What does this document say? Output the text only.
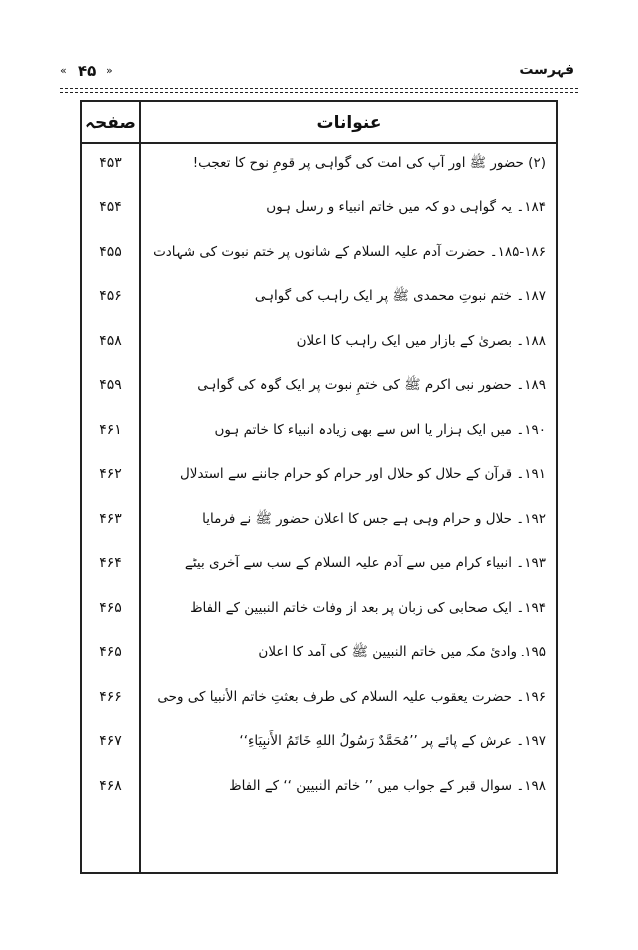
« ۴۵ »	فہرست
صفحہ	عنوانات
۴۵۳	(۲) حضور ﷺ اور آپ کی امت کی گواہی پر قومِ نوح کا تعجب!
۴۵۴	۱۸۴۔ یہ گواہی دو کہ میں خاتم انبیاء و رسل ہوں
۴۵۵	۱۸۵-۱۸۶۔ حضرت آدم علیہ السلام کے شانوں پر ختم نبوت کی شہادت
۴۵۶	۱۸۷۔ ختم نبوتِ محمدی ﷺ پر ایک راہب کی گواہی
۴۵۸	۱۸۸۔ بصریٰ کے بازار میں ایک راہب کا اعلان
۴۵۹	۱۸۹۔ حضور نبی اکرم ﷺ کی ختمِ نبوت پر ایک گوہ کی گواہی
۴۶۱	۱۹۰۔ میں ایک ہزار یا اس سے بھی زیادہ انبیاء کا خاتم ہوں
۴۶۲	۱۹۱۔ قرآن کے حلال کو حلال اور حرام کو حرام جاننے سے استدلال
۴۶۳	۱۹۲۔ حلال و حرام وہی ہے جس کا اعلان حضور ﷺ نے فرمایا
۴۶۴	۱۹۳۔ انبیاء کرام میں سے آدم علیہ السلام کے سب سے آخری بیٹے
۴۶۵	۱۹۴۔ ایک صحابی کی زبان پر بعد از وفات خاتم النبیین کے الفاظ
۴۶۵	۱۹۵۔ وادیٔ مکہ میں خاتم النبیین ﷺ کی آمد کا اعلان
۴۶۶	۱۹۶۔ حضرت یعقوب علیہ السلام کی طرف بعثتِ خاتم الأنبیا کی وحی
۴۶۷	۱۹۷۔ عرش کے پائے پر ’’مُحَمَّدٌ رَسُولُ اللهِ خَاتَمُ الأَنبِيَاءِ‘‘
۴۶۸	۱۹۸۔ سوال قبر کے جواب میں ’’ خاتم النبیین ‘‘ کے الفاظ
